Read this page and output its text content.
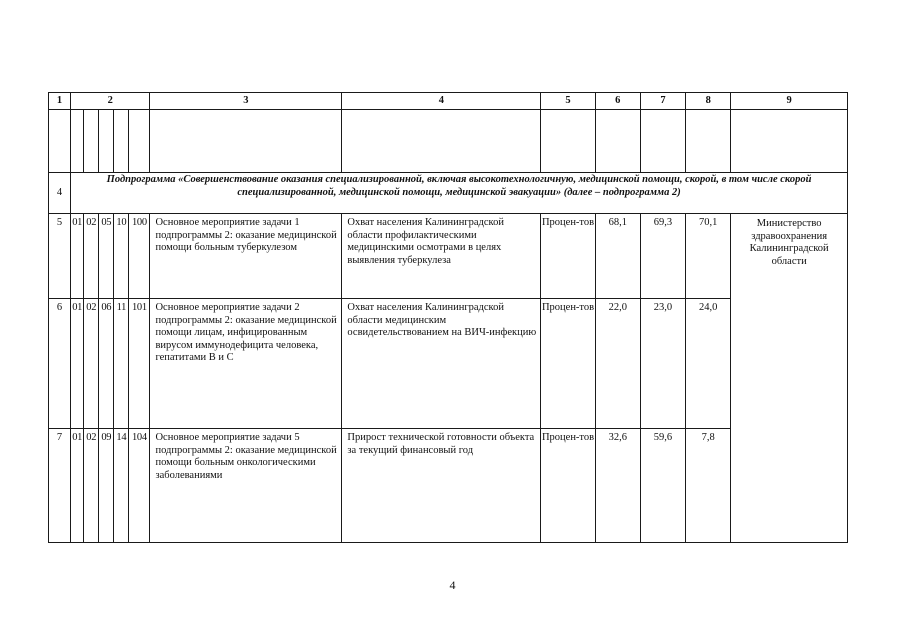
1	2					3	4	5	6	7	8	9

4	Подпрограмма «Совершенствование оказания специализированной, включая высокотехнологичную, медицинской помощи, скорой, в том числе скорой специализированной, медицинской помощи, медицинской эвакуации» (далее – подпрограмма 2)											
5	01	02	05	10	100	Основное мероприятие задачи 1 подпрограммы 2: оказание медицинской помощи больным туберкулезом	Охват населения Калининградской области профилактическими медицинскими осмотрами в целях выявления туберкулеза	Процен-тов	68,1	69,3	70,1	Министерство здравоохранения Калининградской области
6	01	02	06	11	101	Основное мероприятие задачи 2 подпрограммы 2: оказание медицинской помощи лицам, инфицированным вирусом иммунодефицита человека, гепатитами В и С	Охват населения Калининградской области медицинским освидетельствованием на ВИЧ-инфекцию	Процен-тов	22,0	23,0	24,0	
7	01	02	09	14	104	Основное мероприятие задачи 5 подпрограммы 2: оказание медицинской помощи больным онкологическими заболеваниями	Прирост технической готовности объекта за текущий финансовый год	Процен-тов	32,6	59,6	7,8	
4
